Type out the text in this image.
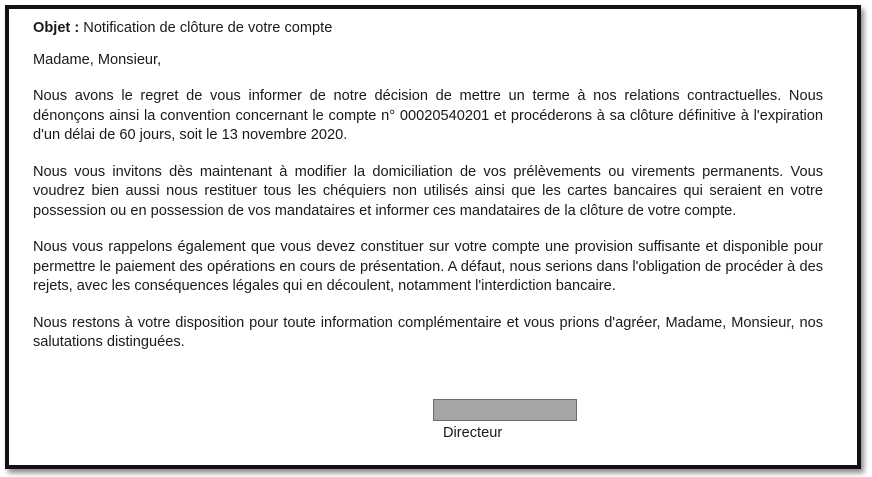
Objet : Notification de clôture de votre compte

Madame, Monsieur,

Nous avons le regret de vous informer de notre décision de mettre un terme à nos relations contractuelles. Nous dénonçons ainsi la convention concernant le compte n° 00020540201 et procéderons à sa clôture définitive à l'expiration d'un délai de 60 jours, soit le 13 novembre 2020.

Nous vous invitons dès maintenant à modifier la domiciliation de vos prélèvements ou virements permanents. Vous voudrez bien aussi nous restituer tous les chéquiers non utilisés ainsi que les cartes bancaires qui seraient en votre possession ou en possession de vos mandataires et informer ces mandataires de la clôture de votre compte.

Nous vous rappelons également que vous devez constituer sur votre compte une provision suffisante et disponible pour permettre le paiement des opérations en cours de présentation. A défaut, nous serions dans l'obligation de procéder à des rejets, avec les conséquences légales qui en découlent, notamment l'interdiction bancaire.

Nous restons à votre disposition pour toute information complémentaire et vous prions d'agréer, Madame, Monsieur, nos salutations distinguées.

Directeur
